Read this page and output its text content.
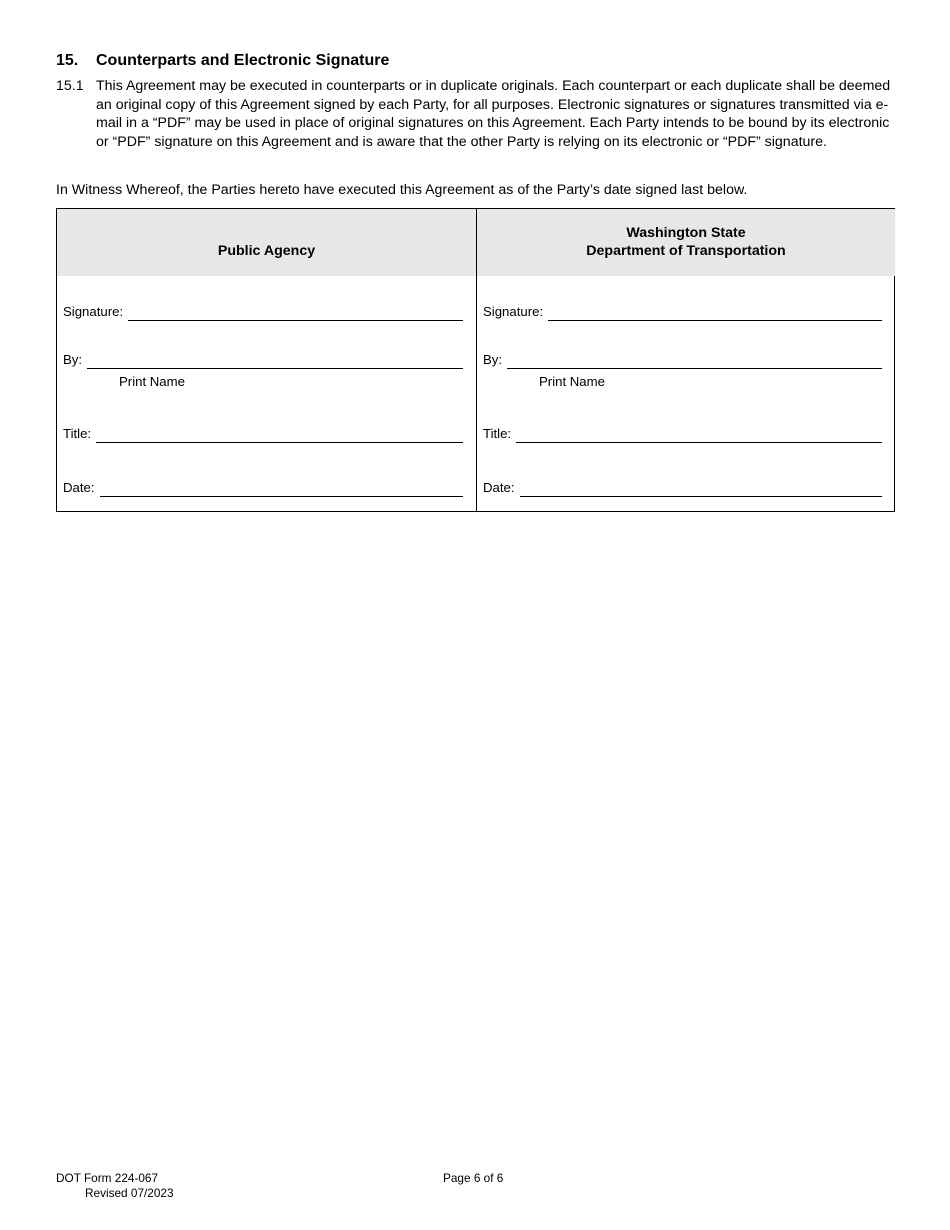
15. Counterparts and Electronic Signature
15.1 This Agreement may be executed in counterparts or in duplicate originals. Each counterpart or each duplicate shall be deemed an original copy of this Agreement signed by each Party, for all purposes. Electronic signatures or signatures transmitted via e-mail in a “PDF” may be used in place of original signatures on this Agreement. Each Party intends to be bound by its electronic or “PDF” signature on this Agreement and is aware that the other Party is relying on its electronic or “PDF” signature.
In Witness Whereof, the Parties hereto have executed this Agreement as of the Party’s date signed last below.
Public Agency
Signature:
By:
Print Name
Title:
Date:
Washington State
Department of Transportation
Signature:
By:
Print Name
Title:
Date:
DOT Form 224-067
Revised 07/2023
Page 6 of 6
